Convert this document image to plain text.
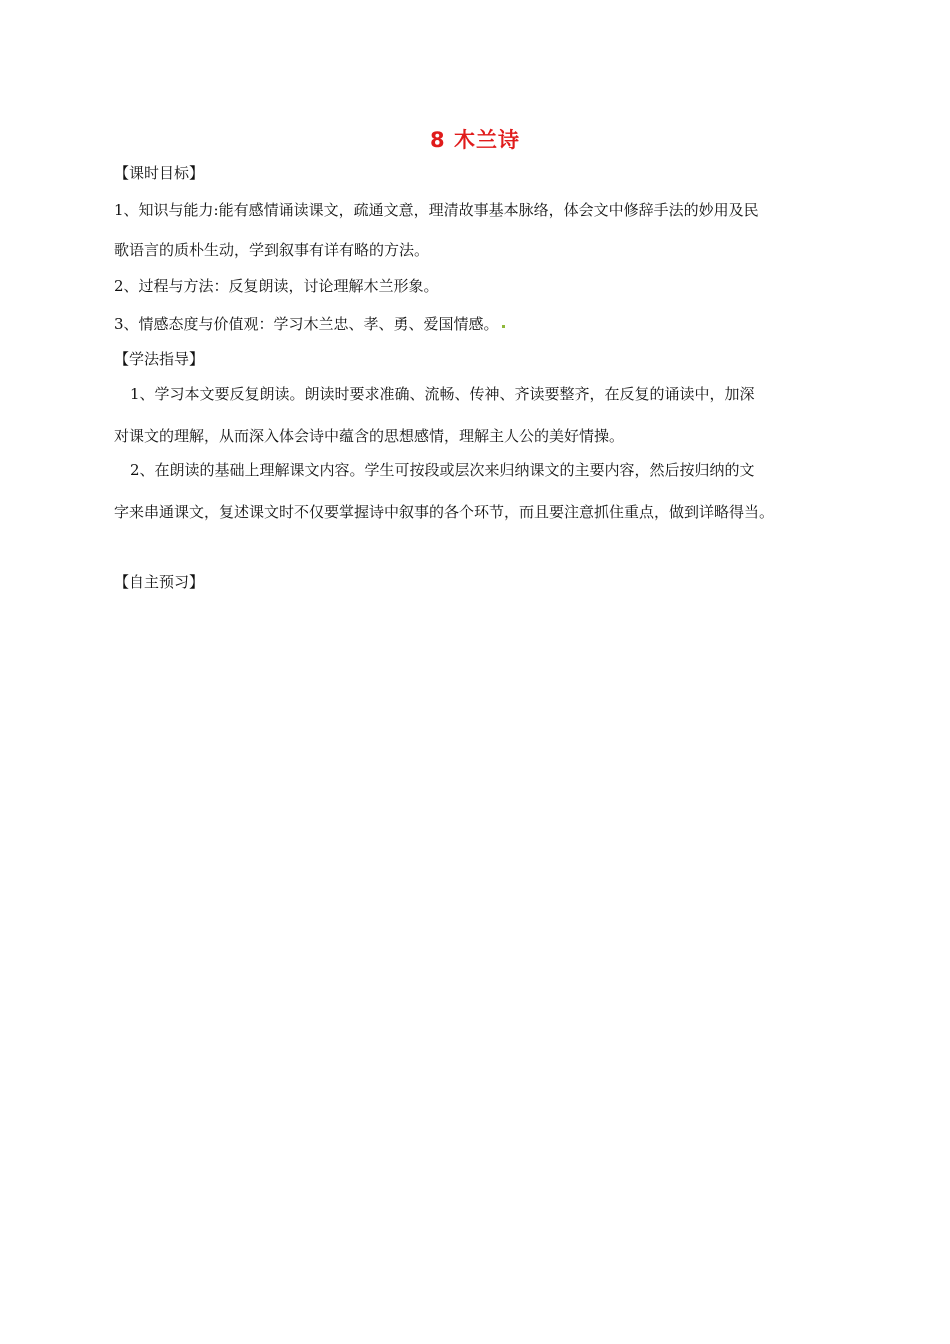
8 木兰诗
【课时目标】
1、知识与能力:能有感情诵读课文，疏通文意，理清故事基本脉络，体会文中修辞手法的妙用及民
歌语言的质朴生动，学到叙事有详有略的方法。
2、过程与方法：反复朗读，讨论理解木兰形象。
3、情感态度与价值观：学习木兰忠、孝、勇、爱国情感。
【学法指导】
1、学习本文要反复朗读。朗读时要求准确、流畅、传神、齐读要整齐，在反复的诵读中，加深
对课文的理解，从而深入体会诗中蕴含的思想感情，理解主人公的美好情操。
2、在朗读的基础上理解课文内容。学生可按段或层次来归纳课文的主要内容，然后按归纳的文
字来串通课文，复述课文时不仅要掌握诗中叙事的各个环节，而且要注意抓住重点，做到详略得当。
【自主预习】
